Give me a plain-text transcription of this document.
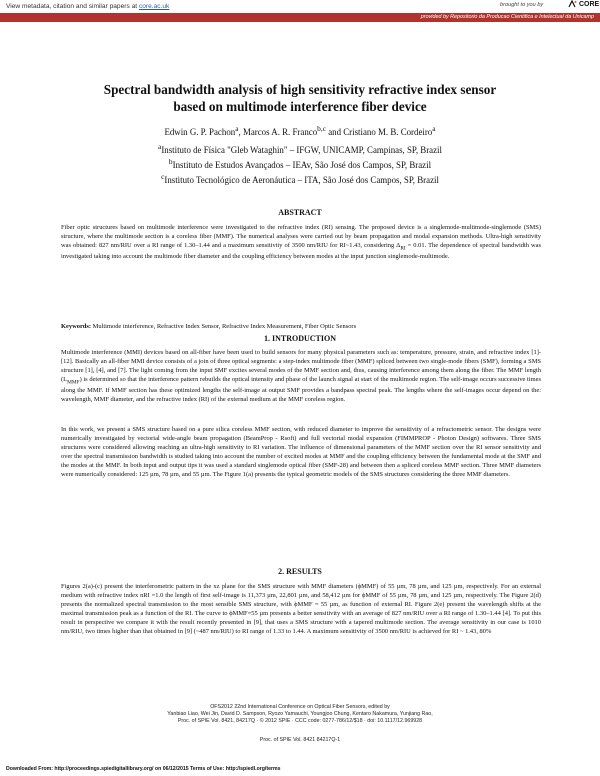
View metadata, citation and similar papers at core.ac.uk	brought to you by	CORE
provided by Repositorio da Producao Cientifica e Intelectual da Unicamp
Spectral bandwidth analysis of high sensitivity refractive index sensor
based on multimode interference fiber device
Edwin G. P. Pachon$^a$, Marcos A. R. Franco$^{b,c}$ and Cristiano M. B. Cordeiro$^a$
$^a$Instituto de Física "Gleb Wataghin" – IFGW, UNICAMP, Campinas, SP, Brazil
$^b$Instituto de Estudos Avançados – IEAv, São José dos Campos, SP, Brazil
$^c$Instituto Tecnológico de Aeronáutica – ITA, São José dos Campos, SP, Brazil
ABSTRACT
Fiber optic structures based on multimode interference were investigated to the refractive index (RI) sensing. The proposed device is a singlemode-multimode-singlemode (SMS) structure, where the multimode section is a coreless fiber (MMF). The numerical analyses were carried out by beam propagation and modal expansion methods. Ultra-high sensitivity was obtained: 827 nm/RIU over a RI range of 1.30–1.44 and a maximum sensitivity of 3500 nm/RIU for RI~1.43, considering $\Delta_{RI} = 0.01$. The dependence of spectral bandwidth was investigated taking into account the multimode fiber diameter and the coupling efficiency between modes at the input junction singlemode-multimode.
Keywords: Multimode interference, Refractive Index Sensor, Refractive Index Measurement, Fiber Optic Sensors
1. INTRODUCTION
Multimode interference (MMI) devices based on all-fiber have been used to build sensors for many physical parameters such as: temperature, pressure, strain, and refractive index [1]-[12]. Basically an all-fiber MMI device consists of a join of three optical segments: a step-index multimode fiber (MMF) spliced between two single-mode fibers (SMF), forming a SMS structure [1], [4], and [7]. The light coming from the input SMF excites several modes of the MMF section and, thus, causing interference among them along the fiber. The MMF length $(L_{MMF})$ is determined so that the interference pattern rebuilds the optical intensity and phase of the launch signal at start of the multimode region. The self-image occurs successive times along the MMF. If MMF section has these optimized lengths the self-image at output SMF provides a bandpass spectral peak. The lengths where the self-images occur depend on the: wavelength, MMF diameter, and the refractive index (RI) of the external medium at the MMF coreless region.
In this work, we present a SMS structure based on a pure silica coreless MMF section, with reduced diameter to improve the sensitivity of a refractometric sensor. The designs were numerically investigated by vectorial wide-angle beam propagation (BeamProp - Rsoft) and full vectorial modal expansion (FIMMPROP - Photon Design) softwares. Three SMS structures were considered allowing reaching an ultra-high sensitivity to RI variation. The influence of dimensional parameters of the MMF section over the RI sensor sensitivity and over the spectral transmission bandwidth is studied taking into account the number of excited modes at MMF and the coupling efficiency between the fundamental mode at the SMF and the modes at the MMF. In both input and output tips it was used a standard singlemode optical fiber (SMF-28) and between then a spliced coreless MMF section. Three MMF diameters were numerically considered: 125 µm, 78 µm, and 55 µm. The Figure 1(a) presents the typical geometric models of the SMS structures considering the three MMF diameters.
2. RESULTS
Figures 2(a)-(c) present the interferometric pattern in the xz plane for the SMS structure with MMF diameters (ϕMMF) of 55 µm, 78 µm, and 125 µm, respectively. For an external medium with refractive index nRI =1.0 the length of first self-image is 11,373 µm, 22,801 µm, and 58,412 µm for ϕMMF of 55 µm, 78 µm, and 125 µm, respectively. The Figure 2(d) presents the normalized spectral transmission to the most sensible SMS structure, with ϕMMF = 55 µm, as function of external RI. Figure 2(e) present the wavelength shifts at the maximal transmission peak as a function of the RI. The curve to ϕMMF=55 µm presents a better sensitivity with an average of 827 nm/RIU over a RI range of 1.30–1.44 [4]. To put this result in perspective we compare it with the result recently presented in [9], that uses a SMS structure with a tapered multimode section. The average sensitivity in our case is 1010 nm/RIU, two times higher than that obtained in [9] (~487 nm/RIU) to RI range of 1.33 to 1.44. A maximum sensitivity of 3500 nm/RIU is achieved for RI ~ 1.43, 80%
OFS2012 22nd International Conference on Optical Fiber Sensors, edited by
Yanbiao Liao, Wei Jin, David D. Sampson, Ryozo Yamauchi, Youngjoo Chung, Kentaro Nakamura, Yunjiang Rao,
Proc. of SPIE Vol. 8421, 84217Q · © 2012 SPIE · CCC code: 0277-786/12/$18 · doi: 10.1117/12.969928
Proc. of SPIE Vol. 8421 84217Q-1
Downloaded From: http://proceedings.spiedigitallibrary.org/ on 06/12/2015 Terms of Use: http://spiedl.org/terms
